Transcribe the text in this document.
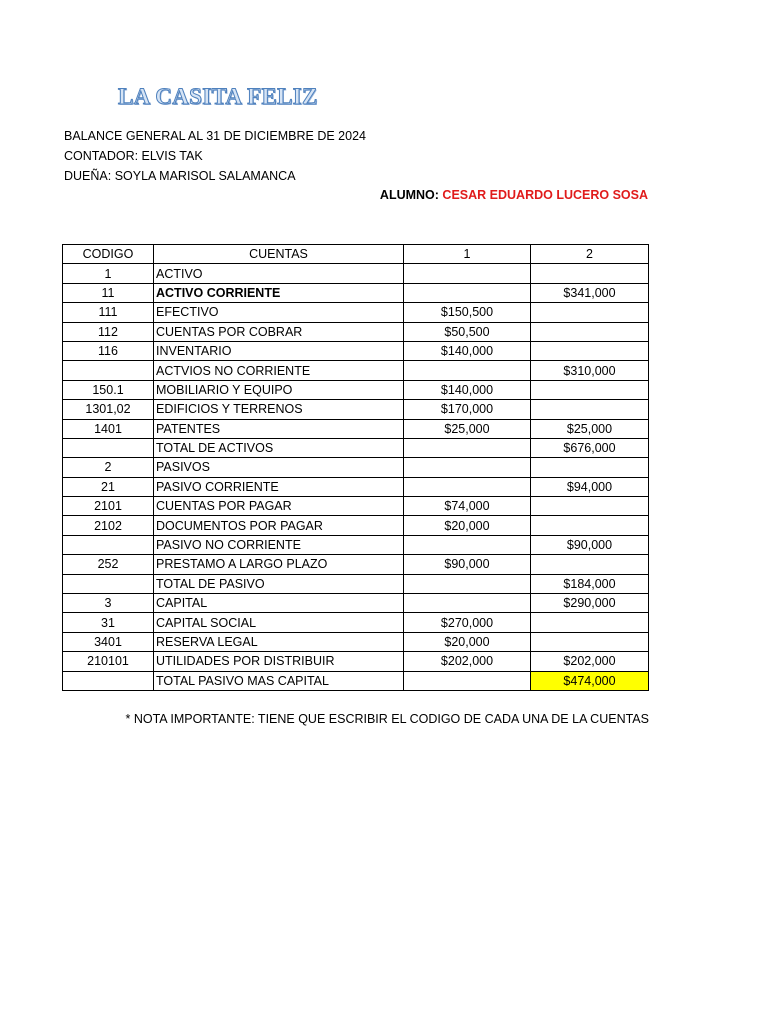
LA CASITA FELIZ
BALANCE GENERAL AL 31 DE DICIEMBRE DE 2024
CONTADOR: ELVIS TAK
DUEÑA: SOYLA MARISOL SALAMANCA
ALUMNO: CESAR EDUARDO LUCERO SOSA
CODIGO	CUENTAS	1	2
1	ACTIVO		
11	ACTIVO CORRIENTE		$341,000
111	EFECTIVO	$150,500	
112	CUENTAS POR COBRAR	$50,500	
116	INVENTARIO	$140,000	
	ACTVIOS NO CORRIENTE		$310,000
150.1	MOBILIARIO Y EQUIPO	$140,000	
1301,02	EDIFICIOS Y TERRENOS	$170,000	
1401	PATENTES	$25,000	$25,000
	TOTAL DE ACTIVOS		$676,000
2	PASIVOS		
21	PASIVO CORRIENTE		$94,000
2101	CUENTAS POR PAGAR	$74,000	
2102	DOCUMENTOS POR PAGAR	$20,000	
	PASIVO NO CORRIENTE		$90,000
252	PRESTAMO A LARGO PLAZO	$90,000	
	TOTAL DE PASIVO		$184,000
3	CAPITAL		$290,000
31	CAPITAL SOCIAL	$270,000	
3401	RESERVA LEGAL	$20,000	
210101	UTILIDADES POR DISTRIBUIR	$202,000	$202,000
	TOTAL PASIVO MAS CAPITAL		$474,000
* NOTA IMPORTANTE: TIENE QUE ESCRIBIR EL CODIGO DE CADA UNA DE LA CUENTAS
